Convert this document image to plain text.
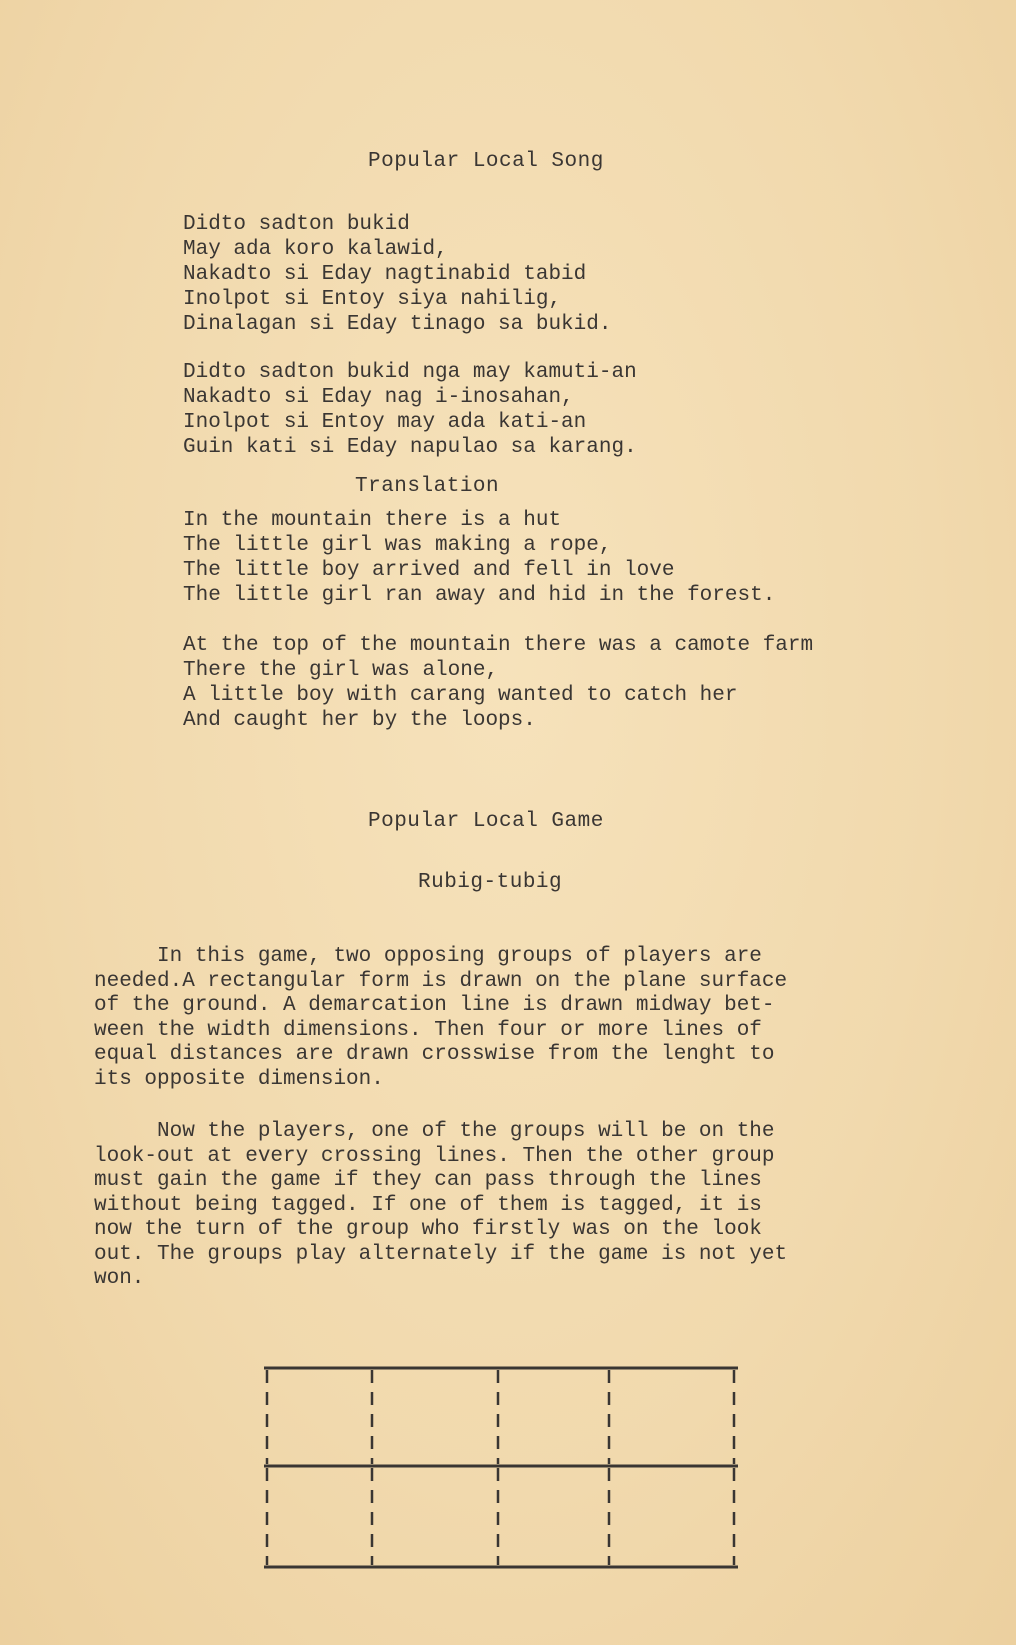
Popular Local Song
Didto sadton bukid
May ada koro kalawid,
Nakadto si Eday nagtinabid tabid
Inolpot si Entoy siya nahilig,
Dinalagan si Eday tinago sa bukid.
Didto sadton bukid nga may kamuti-an
Nakadto si Eday nag i-inosahan,
Inolpot si Entoy may ada kati-an
Guin kati si Eday napulao sa karang.
Translation
In the mountain there is a hut
The little girl was making a rope,
The little boy arrived and fell in love
The little girl ran away and hid in the forest.
At the top of the mountain there was a camote farm
There the girl was alone,
A little boy with carang wanted to catch her
And caught her by the loops.
Popular Local Game
Rubig-tubig
In this game, two opposing groups of players are
needed.A rectangular form is drawn on the plane surface
of the ground. A demarcation line is drawn midway bet-
ween the width dimensions. Then four or more lines of
equal distances are drawn crosswise from the lenght to
its opposite dimension.
Now the players, one of the groups will be on the
look-out at every crossing lines. Then the other group
must gain the game if they can pass through the lines
without being tagged. If one of them is tagged, it is
now the turn of the group who firstly was on the look
out. The groups play alternately if the game is not yet
won.
